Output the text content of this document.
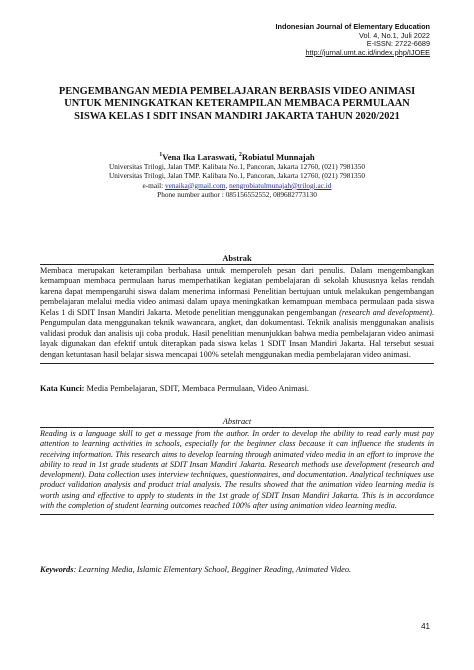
Indonesian Journal of Elementary Education
Vol. 4, No.1, Juli 2022
E-ISSN: 2722-6689
http://jurnal.umt.ac.id/index.php/IJOEE
PENGEMBANGAN MEDIA PEMBELAJARAN BERBASIS VIDEO ANIMASI UNTUK MENINGKATKAN KETERAMPILAN MEMBACA PERMULAAN SISWA KELAS I SDIT INSAN MANDIRI JAKARTA TAHUN 2020/2021
$^1$Vena Ika Laraswati, $^2$Robiatul Munnajah
Universitas Trilogi, Jalan TMP. Kalibata No.1, Pancoran, Jakarta 12760, (021) 7981350
Universitas Trilogi, Jalan TMP. Kalibata No.1, Pancoran, Jakarta 12760, (021) 7981350
e-mail: venaika@gmail.com, nengrobiatulmunajah@trilogi.ac.id
Phone number author : 085156552552, 089682773130
Abstrak
Membaca merupakan keterampilan berbahasa untuk memperoleh pesan dari penulis. Dalam mengembangkan kemampuan membaca permulaan harus memperhatikan kegiatan pembelajaran di sekolah khususnya kelas rendah karena dapat mempengaruhi siswa dalam menerima informasi Penelitian bertujuan untuk melakukan pengembangan pembelajaran melalui media video animasi dalam upaya meningkatkan kemampuan membaca permulaan pada siswa Kelas 1 di SDIT Insan Mandiri Jakarta. Metode penelitian menggunakan pengembangan (research and development). Pengumpulan data menggunakan teknik wawancara, angket, dan dokumentasi. Teknik analisis menggunakan analisis validasi produk dan analisis uji coba produk. Hasil penelitian menunjukkan bahwa media pembelajaran video animasi layak digunakan dan efektif untuk diterapkan pada siswa kelas 1 SDIT Insan Mandiri Jakarta. Hal tersebut sesuai dengan ketuntasan hasil belajar siswa mencapai 100% setelah menggunakan media pembelajaran video animasi.
Kata Kunci: Media Pembelajaran, SDIT, Membaca Permulaan, Video Animasi.
Abstract
Reading is a language skill to get a message from the author. In order to develop the ability to read early must pay attention to learning activities in schools, especially for the beginner class because it can influence the students in receiving information. This research aims to develop learning through animated video media in an effort to improve the ability to read in 1st grade students at SDIT Insan Mandiri Jakarta. Research methods use development (research and development). Data collection uses interview techniques, questionnaires, and documentation. Analytical techniques use product validation analysis and product trial analysis. The results showed that the animation video learning media is worth using and effective to apply to students in the 1st grade of SDIT Insan Mandiri Jakarta. This is in accordance with the completion of student learning outcomes reached 100% after using animation video learning media.
Keywords: Learning Media, Islamic Elementary School, Begginer Reading, Animated Video.
41
